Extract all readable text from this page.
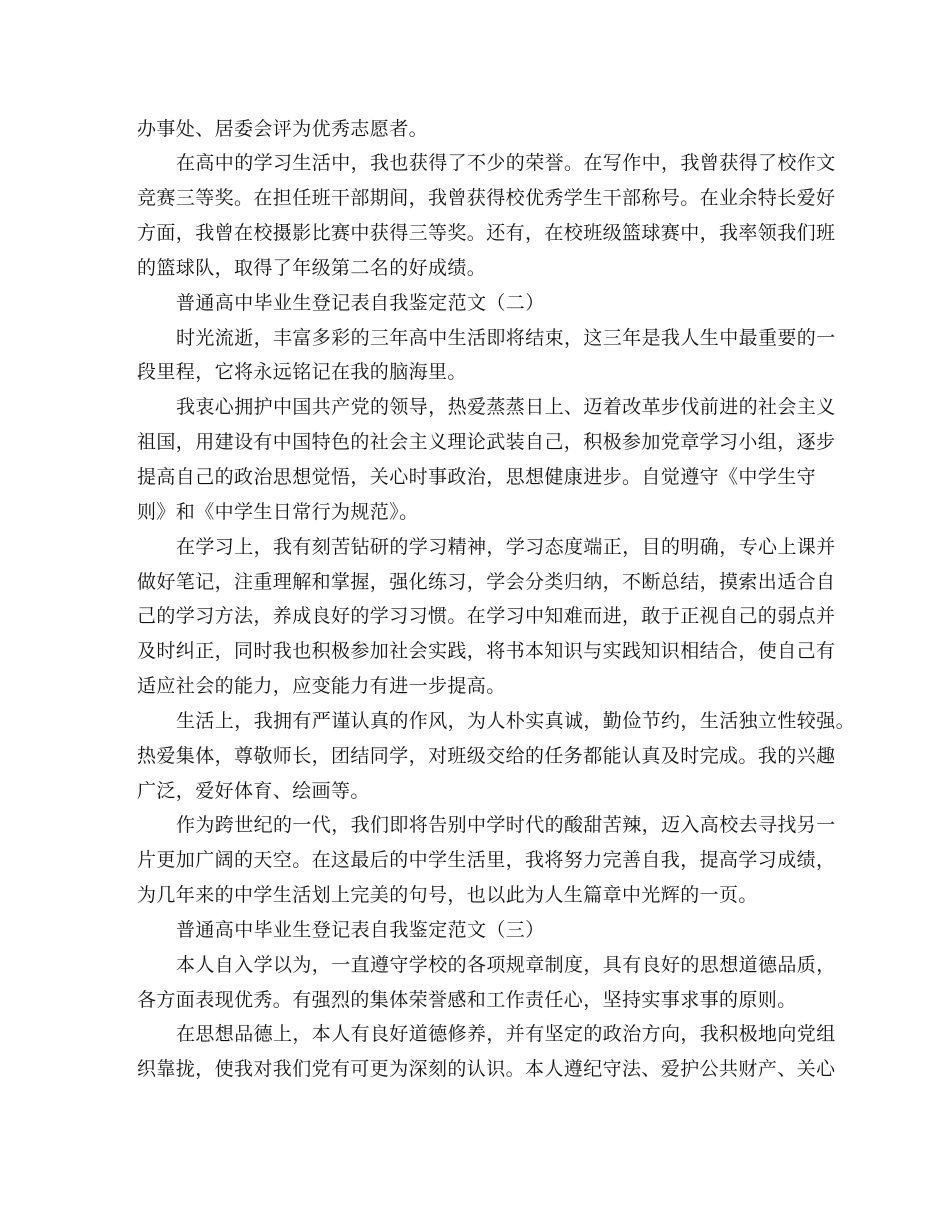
办事处、居委会评为优秀志愿者。
在高中的学习生活中，我也获得了不少的荣誉。在写作中，我曾获得了校作文
竞赛三等奖。在担任班干部期间，我曾获得校优秀学生干部称号。在业余特长爱好
方面，我曾在校摄影比赛中获得三等奖。还有，在校班级篮球赛中，我率领我们班
的篮球队，取得了年级第二名的好成绩。
普通高中毕业生登记表自我鉴定范文（二）
时光流逝，丰富多彩的三年高中生活即将结束，这三年是我人生中最重要的一
段里程，它将永远铭记在我的脑海里。
我衷心拥护中国共产党的领导，热爱蒸蒸日上、迈着改革步伐前进的社会主义
祖国，用建设有中国特色的社会主义理论武装自己，积极参加党章学习小组，逐步
提高自己的政治思想觉悟，关心时事政治，思想健康进步。自觉遵守《中学生守
则》和《中学生日常行为规范》。
在学习上，我有刻苦钻研的学习精神，学习态度端正，目的明确，专心上课并
做好笔记，注重理解和掌握，强化练习，学会分类归纳，不断总结，摸索出适合自
己的学习方法，养成良好的学习习惯。在学习中知难而进，敢于正视自己的弱点并
及时纠正，同时我也积极参加社会实践，将书本知识与实践知识相结合，使自己有
适应社会的能力，应变能力有进一步提高。
生活上，我拥有严谨认真的作风，为人朴实真诚，勤俭节约，生活独立性较强。
热爱集体，尊敬师长，团结同学，对班级交给的任务都能认真及时完成。我的兴趣
广泛，爱好体育、绘画等。
作为跨世纪的一代，我们即将告别中学时代的酸甜苦辣，迈入高校去寻找另一
片更加广阔的天空。在这最后的中学生活里，我将努力完善自我，提高学习成绩，
为几年来的中学生活划上完美的句号，也以此为人生篇章中光辉的一页。
普通高中毕业生登记表自我鉴定范文（三）
本人自入学以为，一直遵守学校的各项规章制度，具有良好的思想道德品质，
各方面表现优秀。有强烈的集体荣誉感和工作责任心，坚持实事求事的原则。
在思想品德上，本人有良好道德修养，并有坚定的政治方向，我积极地向党组
织靠拢，使我对我们党有可更为深刻的认识。本人遵纪守法、爱护公共财产、关心
